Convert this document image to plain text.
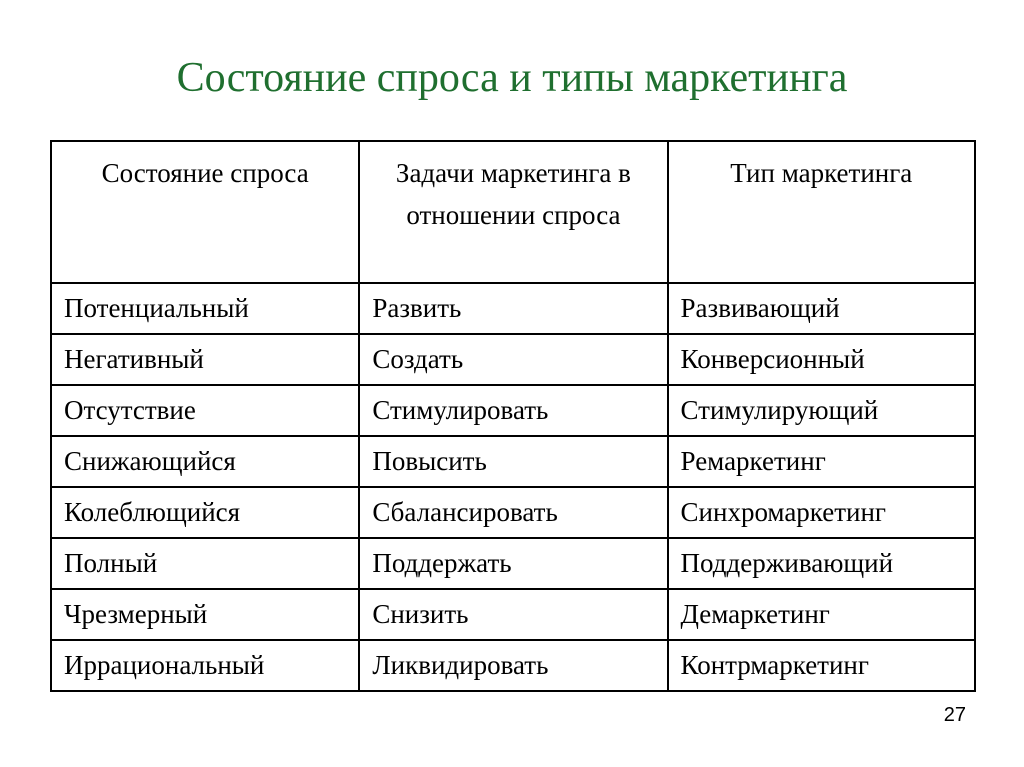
Состояние спроса и типы маркетинга
Состояние спроса	Задачи маркетинга в отношении спроса	Тип маркетинга
Потенциальный	Развить	Развивающий
Негативный	Создать	Конверсионный
Отсутствие	Стимулировать	Стимулирующий
Снижающийся	Повысить	Ремаркетинг
Колеблющийся	Сбалансировать	Синхромаркетинг
Полный	Поддержать	Поддерживающий
Чрезмерный	Снизить	Демаркетинг
Иррациональный	Ликвидировать	Контрмаркетинг
27
